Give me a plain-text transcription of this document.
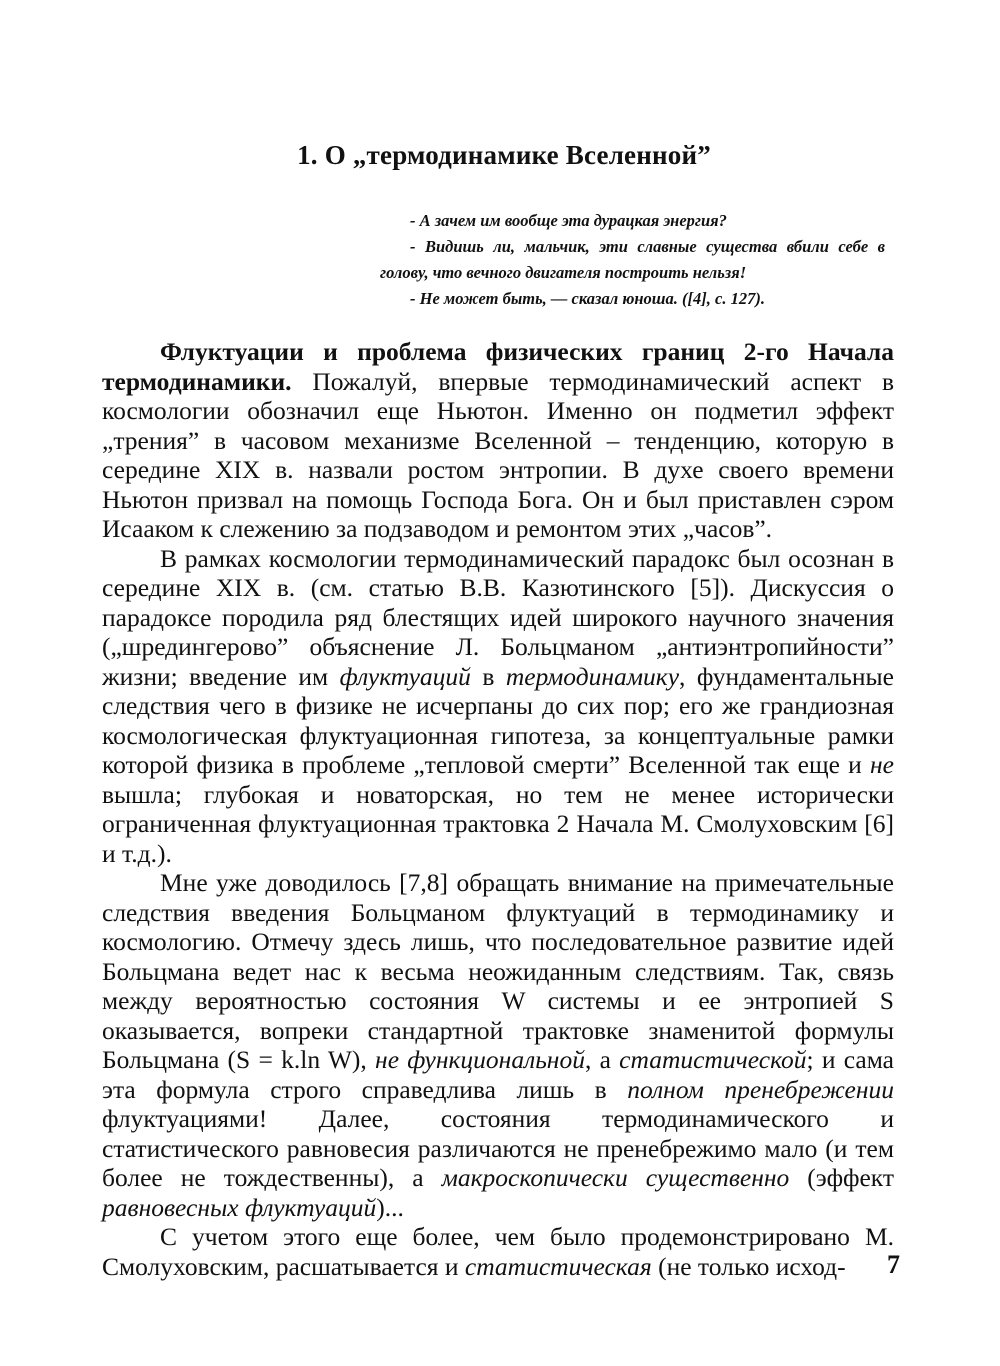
1. О „термодинамике Вселенной”

- А зачем им вообще эта дурацкая энергия?

- Видишь ли, мальчик, эти славные существа вбили себе в голову, что вечного двигателя построить нельзя!

- Не может быть, — сказал юноша. ([4], с. 127).

Флуктуации и проблема физических границ 2-го Начала термодинамики. Пожалуй, впервые термодинамический аспект в космологии обозначил еще Ньютон. Именно он подметил эффект „трения” в часовом механизме Вселенной – тенденцию, которую в середине XIX в. назвали ростом энтропии. В духе своего времени Ньютон призвал на помощь Господа Бога. Он и был приставлен сэром Исааком к слежению за подзаводом и ремонтом этих „часов”.

В рамках космологии термодинамический парадокс был осознан в середине XIX в. (см. статью В.В. Казютинского [5]). Дискуссия о парадоксе породила ряд блестящих идей широкого научного значения („шредингерово” объяснение Л. Больцманом „антиэнтропийности” жизни; введение им флуктуаций в термодинамику, фундаментальные следствия чего в физике не исчерпаны до сих пор; его же грандиозная космологическая флуктуационная гипотеза, за концептуальные рамки которой физика в проблеме „тепловой смерти” Вселенной так еще и не вышла; глубокая и новаторская, но тем не менее исторически ограниченная флуктуационная трактовка 2 Начала М. Смолуховским [6] и т.д.).

Мне уже доводилось [7,8] обращать внимание на примечательные следствия введения Больцманом флуктуаций в термодинамику и космологию. Отмечу здесь лишь, что последовательное развитие идей Больцмана ведет нас к весьма неожиданным следствиям. Так, связь между вероятностью состояния W системы и ее энтропией S оказывается, вопреки стандартной трактовке знаменитой формулы Больцмана (S = k.ln W), не функциональной, а статистической; и сама эта формула строго справедлива лишь в полном пренебрежении флуктуациями! Далее, состояния термодинамического и статистического равновесия различаются не пренебрежимо мало (и тем более не тождественны), а макроскопически существенно (эффект равновесных флуктуаций)...

С учетом этого еще более, чем было продемонстрировано М. Смолуховским, расшатывается и статистическая (не только исход-	7
